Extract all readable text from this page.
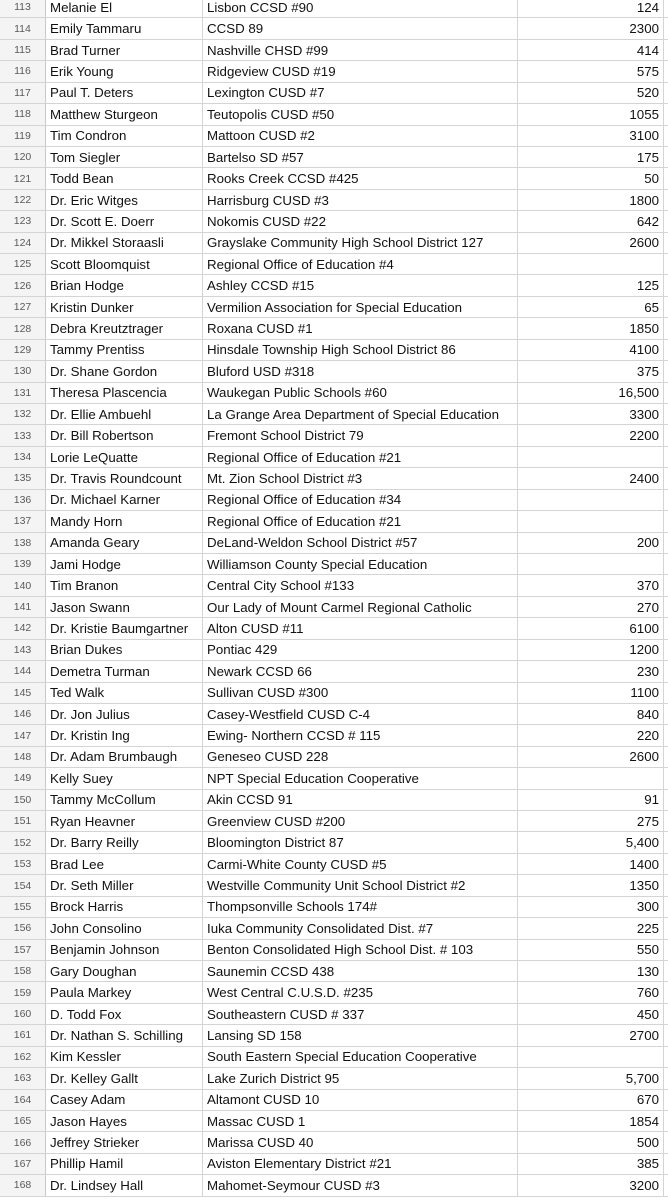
113	Melanie El	Lisbon CCSD #90	124
114	Emily Tammaru	CCSD 89	2300
115	Brad Turner	Nashville CHSD #99	414
116	Erik Young	Ridgeview CUSD #19	575
117	Paul T. Deters	Lexington CUSD #7	520
118	Matthew Sturgeon	Teutopolis CUSD #50	1055
119	Tim Condron	Mattoon CUSD #2	3100
120	Tom Siegler	Bartelso SD #57	175
121	Todd Bean	Rooks Creek CCSD #425	50
122	Dr. Eric Witges	Harrisburg CUSD #3	1800
123	Dr. Scott E. Doerr	Nokomis CUSD #22	642
124	Dr. Mikkel Storaasli	Grayslake Community High School District 127	2600
125	Scott Bloomquist	Regional Office of Education #4
126	Brian Hodge	Ashley CCSD #15	125
127	Kristin Dunker	Vermilion Association for Special Education	65
128	Debra Kreutztrager	Roxana CUSD #1	1850
129	Tammy Prentiss	Hinsdale Township High School District 86	4100
130	Dr. Shane Gordon	Bluford USD #318	375
131	Theresa Plascencia	Waukegan Public Schools #60	16,500
132	Dr. Ellie Ambuehl	La Grange Area Department of Special Education	3300
133	Dr. Bill Robertson	Fremont School District 79	2200
134	Lorie LeQuatte	Regional Office of Education #21
135	Dr. Travis Roundcount	Mt. Zion School District #3	2400
136	Dr. Michael Karner	Regional Office of Education #34
137	Mandy Horn	Regional Office of Education #21
138	Amanda Geary	DeLand-Weldon School District #57	200
139	Jami Hodge	Williamson County Special Education
140	Tim Branon	Central City School #133	370
141	Jason Swann	Our Lady of Mount Carmel Regional Catholic	270
142	Dr. Kristie Baumgartner	Alton CUSD #11	6100
143	Brian Dukes	Pontiac 429	1200
144	Demetra Turman	Newark CCSD 66	230
145	Ted Walk	Sullivan CUSD #300	1100
146	Dr. Jon Julius	Casey-Westfield CUSD C-4	840
147	Dr. Kristin Ing	Ewing- Northern CCSD # 115	220
148	Dr. Adam Brumbaugh	Geneseo CUSD 228	2600
149	Kelly Suey	NPT Special Education Cooperative
150	Tammy McCollum	Akin CCSD 91	91
151	Ryan Heavner	Greenview CUSD #200	275
152	Dr. Barry Reilly	Bloomington District 87	5,400
153	Brad Lee	Carmi-White County CUSD #5	1400
154	Dr. Seth Miller	Westville Community Unit School District #2	1350
155	Brock Harris	Thompsonville Schools 174#	300
156	John Consolino	Iuka Community Consolidated Dist. #7	225
157	Benjamin Johnson	Benton Consolidated High School Dist. # 103	550
158	Gary Doughan	Saunemin CCSD 438	130
159	Paula Markey	West Central C.U.S.D. #235	760
160	D. Todd Fox	Southeastern CUSD # 337	450
161	Dr. Nathan S. Schilling	Lansing SD 158	2700
162	Kim Kessler	South Eastern Special Education Cooperative
163	Dr. Kelley Gallt	Lake Zurich District 95	5,700
164	Casey Adam	Altamont CUSD 10	670
165	Jason Hayes	Massac CUSD 1	1854
166	Jeffrey Strieker	Marissa CUSD 40	500
167	Phillip Hamil	Aviston Elementary District #21	385
168	Dr. Lindsey Hall	Mahomet-Seymour CUSD #3	3200
